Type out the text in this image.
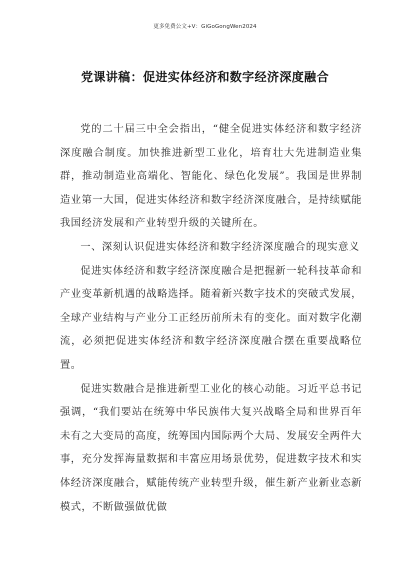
更多免费公文+V：GiGoGongWen2024
党课讲稿：促进实体经济和数字经济深度融合

党的二十届三中全会指出，“健全促进实体经济和数字经济深度融合制度。加快推进新型工业化，培育壮大先进制造业集群，推动制造业高端化、智能化、绿色化发展”。我国是世界制造业第一大国，促进实体经济和数字经济深度融合，是持续赋能我国经济发展和产业转型升级的关键所在。

一、深刻认识促进实体经济和数字经济深度融合的现实意义

促进实体经济和数字经济深度融合是把握新一轮科技革命和产业变革新机遇的战略选择。随着新兴数字技术的突破式发展，全球产业结构与产业分工正经历前所未有的变化。面对数字化潮流，必须把促进实体经济和数字经济深度融合摆在重要战略位置。

促进实数融合是推进新型工业化的核心动能。习近平总书记强调，“我们要站在统筹中华民族伟大复兴战略全局和世界百年未有之大变局的高度，统筹国内国际两个大局、发展安全两件大事，充分发挥海量数据和丰富应用场景优势，促进数字技术和实体经济深度融合，赋能传统产业转型升级，催生新产业新业态新模式，不断做强做优做
